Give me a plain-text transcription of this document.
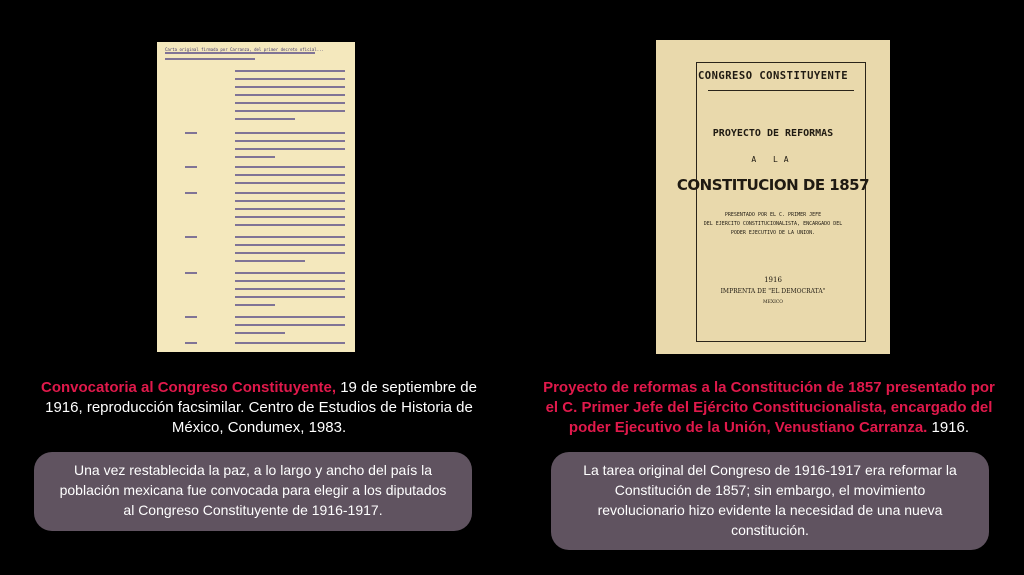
Carta original firmada por Carranza, del primer decreto oficial...
Convocatoria al Congreso Constituyente, 19 de septiembre de 1916, reproducción facsimilar. Centro de Estudios de Historia de México, Condumex, 1983.
Una vez restablecida la paz, a lo largo y ancho del país la población mexicana fue convocada para elegir a los diputados al Congreso Constituyente de 1916-1917.
CONGRESO CONSTITUYENTE
PROYECTO DE REFORMAS
A LA
CONSTITUCION DE 1857
PRESENTADO POR EL C. PRIMER JEFE
DEL EJERCITO CONSTITUCIONALISTA, ENCARGADO DEL
PODER EJECUTIVO DE LA UNION.
1916
IMPRENTA DE "EL DEMOCRATA"
MEXICO
Proyecto de reformas a la Constitución de 1857 presentado por el C. Primer Jefe del Ejército Constitucionalista, encargado del poder Ejecutivo de la Unión, Venustiano Carranza. 1916.
La tarea original del Congreso de 1916-1917 era reformar la Constitución de 1857; sin embargo, el movimiento revolucionario hizo evidente la necesidad de una nueva constitución.
